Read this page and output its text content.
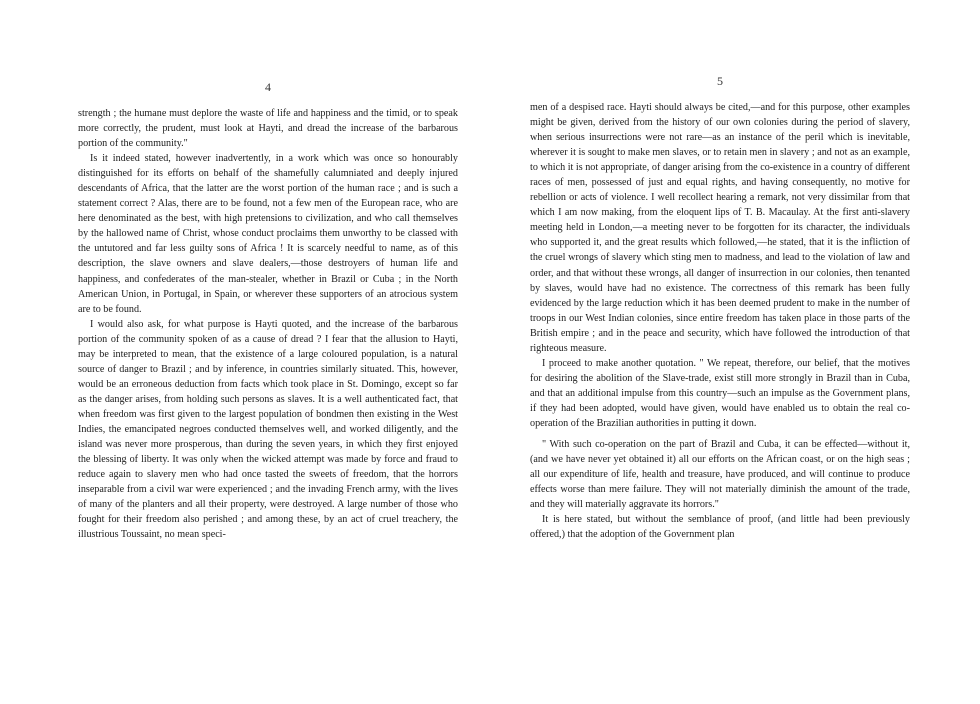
4

strength ; the humane must deplore the waste of life and happiness and the timid, or to speak more correctly, the prudent, must look at Hayti, and dread the increase of the barbarous portion of the community."

Is it indeed stated, however inadvertently, in a work which was once so honourably distinguished for its efforts on behalf of the shamefully calumniated and deeply injured descendants of Africa, that the latter are the worst portion of the human race ; and is such a statement correct ? Alas, there are to be found, not a few men of the European race, who are here denominated as the best, with high pretensions to civilization, and who call themselves by the hallowed name of Christ, whose conduct proclaims them unworthy to be classed with the untutored and far less guilty sons of Africa ! It is scarcely needful to name, as of this description, the slave owners and slave dealers,—those destroyers of human life and happiness, and confederates of the man-stealer, whether in Brazil or Cuba ; in the North American Union, in Portugal, in Spain, or wherever these supporters of an atrocious system are to be found.

I would also ask, for what purpose is Hayti quoted, and the increase of the barbarous portion of the community spoken of as a cause of dread ? I fear that the allusion to Hayti, may be interpreted to mean, that the existence of a large coloured population, is a natural source of danger to Brazil ; and by inference, in countries similarly situated. This, however, would be an erroneous deduction from facts which took place in St. Domingo, except so far as the danger arises, from holding such persons as slaves. It is a well authenticated fact, that when freedom was first given to the largest population of bondmen then existing in the West Indies, the emancipated negroes conducted themselves well, and worked diligently, and the island was never more prosperous, than during the seven years, in which they first enjoyed the blessing of liberty. It was only when the wicked attempt was made by force and fraud to reduce again to slavery men who had once tasted the sweets of freedom, that the horrors inseparable from a civil war were experienced ; and the invading French army, with the lives of many of the planters and all their property, were destroyed. A large number of those who fought for their freedom also perished ; and among these, by an act of cruel treachery, the illustrious Toussaint, no mean speci-

5

men of a despised race. Hayti should always be cited,—and for this purpose, other examples might be given, derived from the history of our own colonies during the period of slavery, when serious insurrections were not rare—as an instance of the peril which is inevitable, wherever it is sought to make men slaves, or to retain men in slavery ; and not as an example, to which it is not appropriate, of danger arising from the co-existence in a country of different races of men, possessed of just and equal rights, and having consequently, no motive for rebellion or acts of violence. I well recollect hearing a remark, not very dissimilar from that which I am now making, from the eloquent lips of T. B. Macaulay. At the first anti-slavery meeting held in London,—a meeting never to be forgotten for its character, the individuals who supported it, and the great results which followed,—he stated, that it is the infliction of the cruel wrongs of slavery which sting men to madness, and lead to the violation of law and order, and that without these wrongs, all danger of insurrection in our colonies, then tenanted by slaves, would have had no existence. The correctness of this remark has been fully evidenced by the large reduction which it has been deemed prudent to make in the number of troops in our West Indian colonies, since entire freedom has taken place in those parts of the British empire ; and in the peace and security, which have followed the introduction of that righteous measure.

I proceed to make another quotation. " We repeat, therefore, our belief, that the motives for desiring the abolition of the Slave-trade, exist still more strongly in Brazil than in Cuba, and that an additional impulse from this country—such an impulse as the Government plans, if they had been adopted, would have given, would have enabled us to obtain the real co-operation of the Brazilian authorities in putting it down.

" With such co-operation on the part of Brazil and Cuba, it can be effected—without it, (and we have never yet obtained it) all our efforts on the African coast, or on the high seas ; all our expenditure of life, health and treasure, have produced, and will continue to produce effects worse than mere failure. They will not materially diminish the amount of the trade, and they will materially aggravate its horrors."

It is here stated, but without the semblance of proof, (and little had been previously offered,) that the adoption of the Government plan
